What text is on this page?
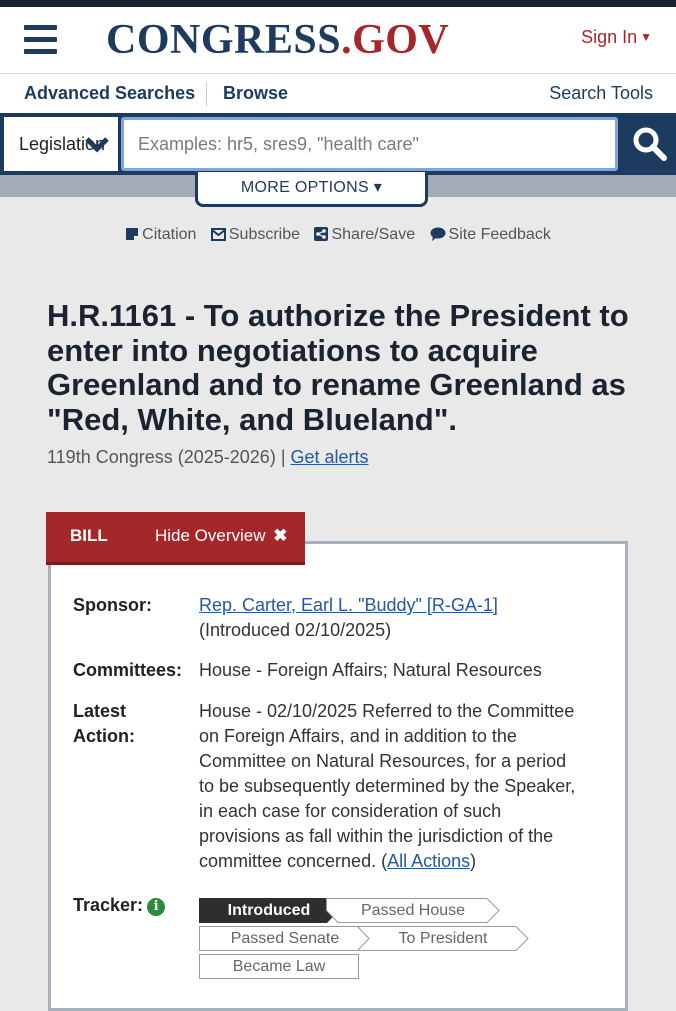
CONGRESS.GOV	Sign In ▼
Advanced Searches Browse	Search Tools
Legislation
Examples: hr5, sres9, "health care"
MORE OPTIONS ▾
Citation Subscribe Share/Save Site Feedback
H.R.1161 - To authorize the President to enter into negotiations to acquire Greenland and to rename Greenland as "Red, White, and Blueland".
119th Congress (2025-2026) | Get alerts
BILL	Hide Overview ✖
Sponsor:	Rep. Carter, Earl L. "Buddy" [R-GA-1]
(Introduced 02/10/2025)
Committees: House - Foreign Affairs; Natural Resources
Latest
Action:
House - 02/10/2025 Referred to the Committee on Foreign Affairs, and in addition to the Committee on Natural Resources, for a period to be subsequently determined by the Speaker, in each case for consideration of such provisions as fall within the jurisdiction of the committee concerned. (All Actions)
Tracker: i	Introduced	Passed House
Passed Senate	To President
Became Law
